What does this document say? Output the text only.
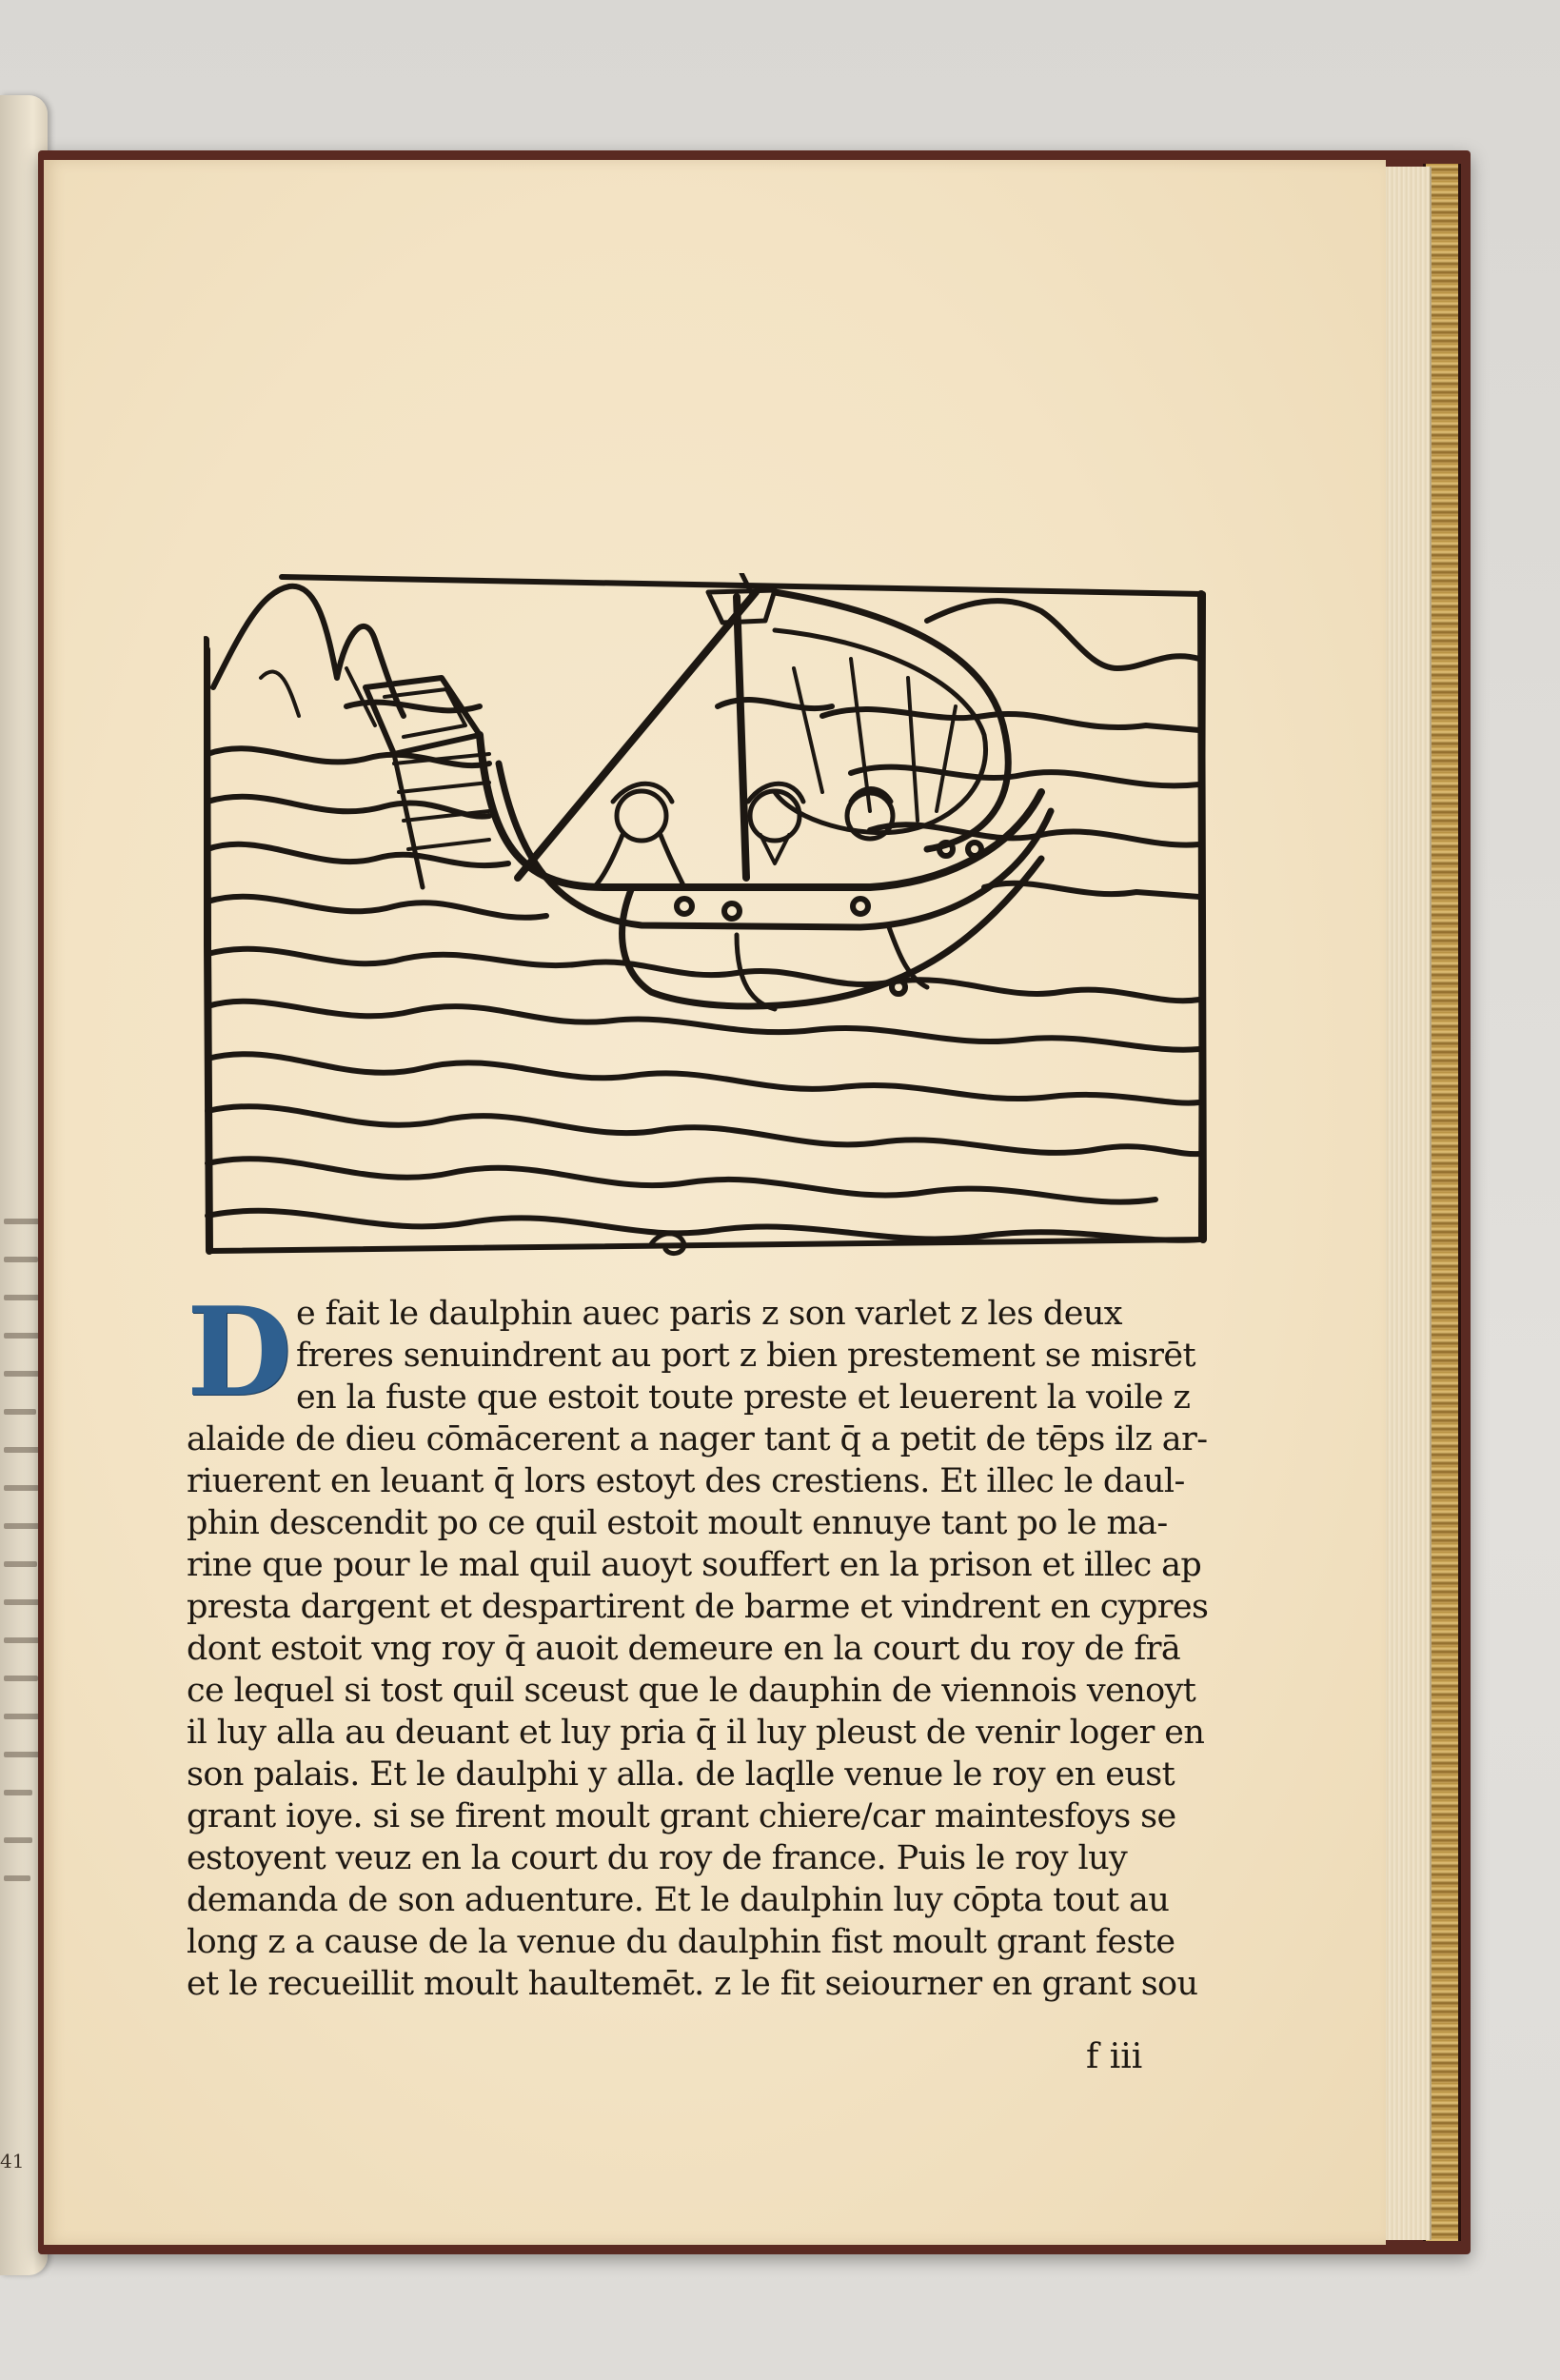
D e fait le daulphin auec paris z son varlet z les deux
freres senuindrent au port z bien prestement se misrēt
en la fuste que estoit toute preste et leuerent la voile z
alaide de dieu cōmācerent a nager tant q̄ a petit de tēps ilz ar-
riuerent en leuant q̄ lors estoyt des crestiens. Et illec le daul-
phin descendit po ce quil estoit moult ennuye tant po le ma-
rine que pour le mal quil auoyt souffert en la prison et illec ap
presta dargent et despartirent de barme et vindrent en cypres
dont estoit vng roy q̄ auoit demeure en la court du roy de frā
ce lequel si tost quil sceust que le dauphin de viennois venoyt
il luy alla au deuant et luy pria q̄ il luy pleust de venir loger en
son palais. Et le daulphi y alla. de laqlle venue le roy en eust
grant ioye. si se firent moult grant chiere/car maintesfoys se
estoyent veuz en la court du roy de france. Puis le roy luy
demanda de son aduenture. Et le daulphin luy cōpta tout au
long z a cause de la venue du daulphin fist moult grant feste
et le recueillit moult haultemēt. z le fit seiourner en grant sou
f iii
41
